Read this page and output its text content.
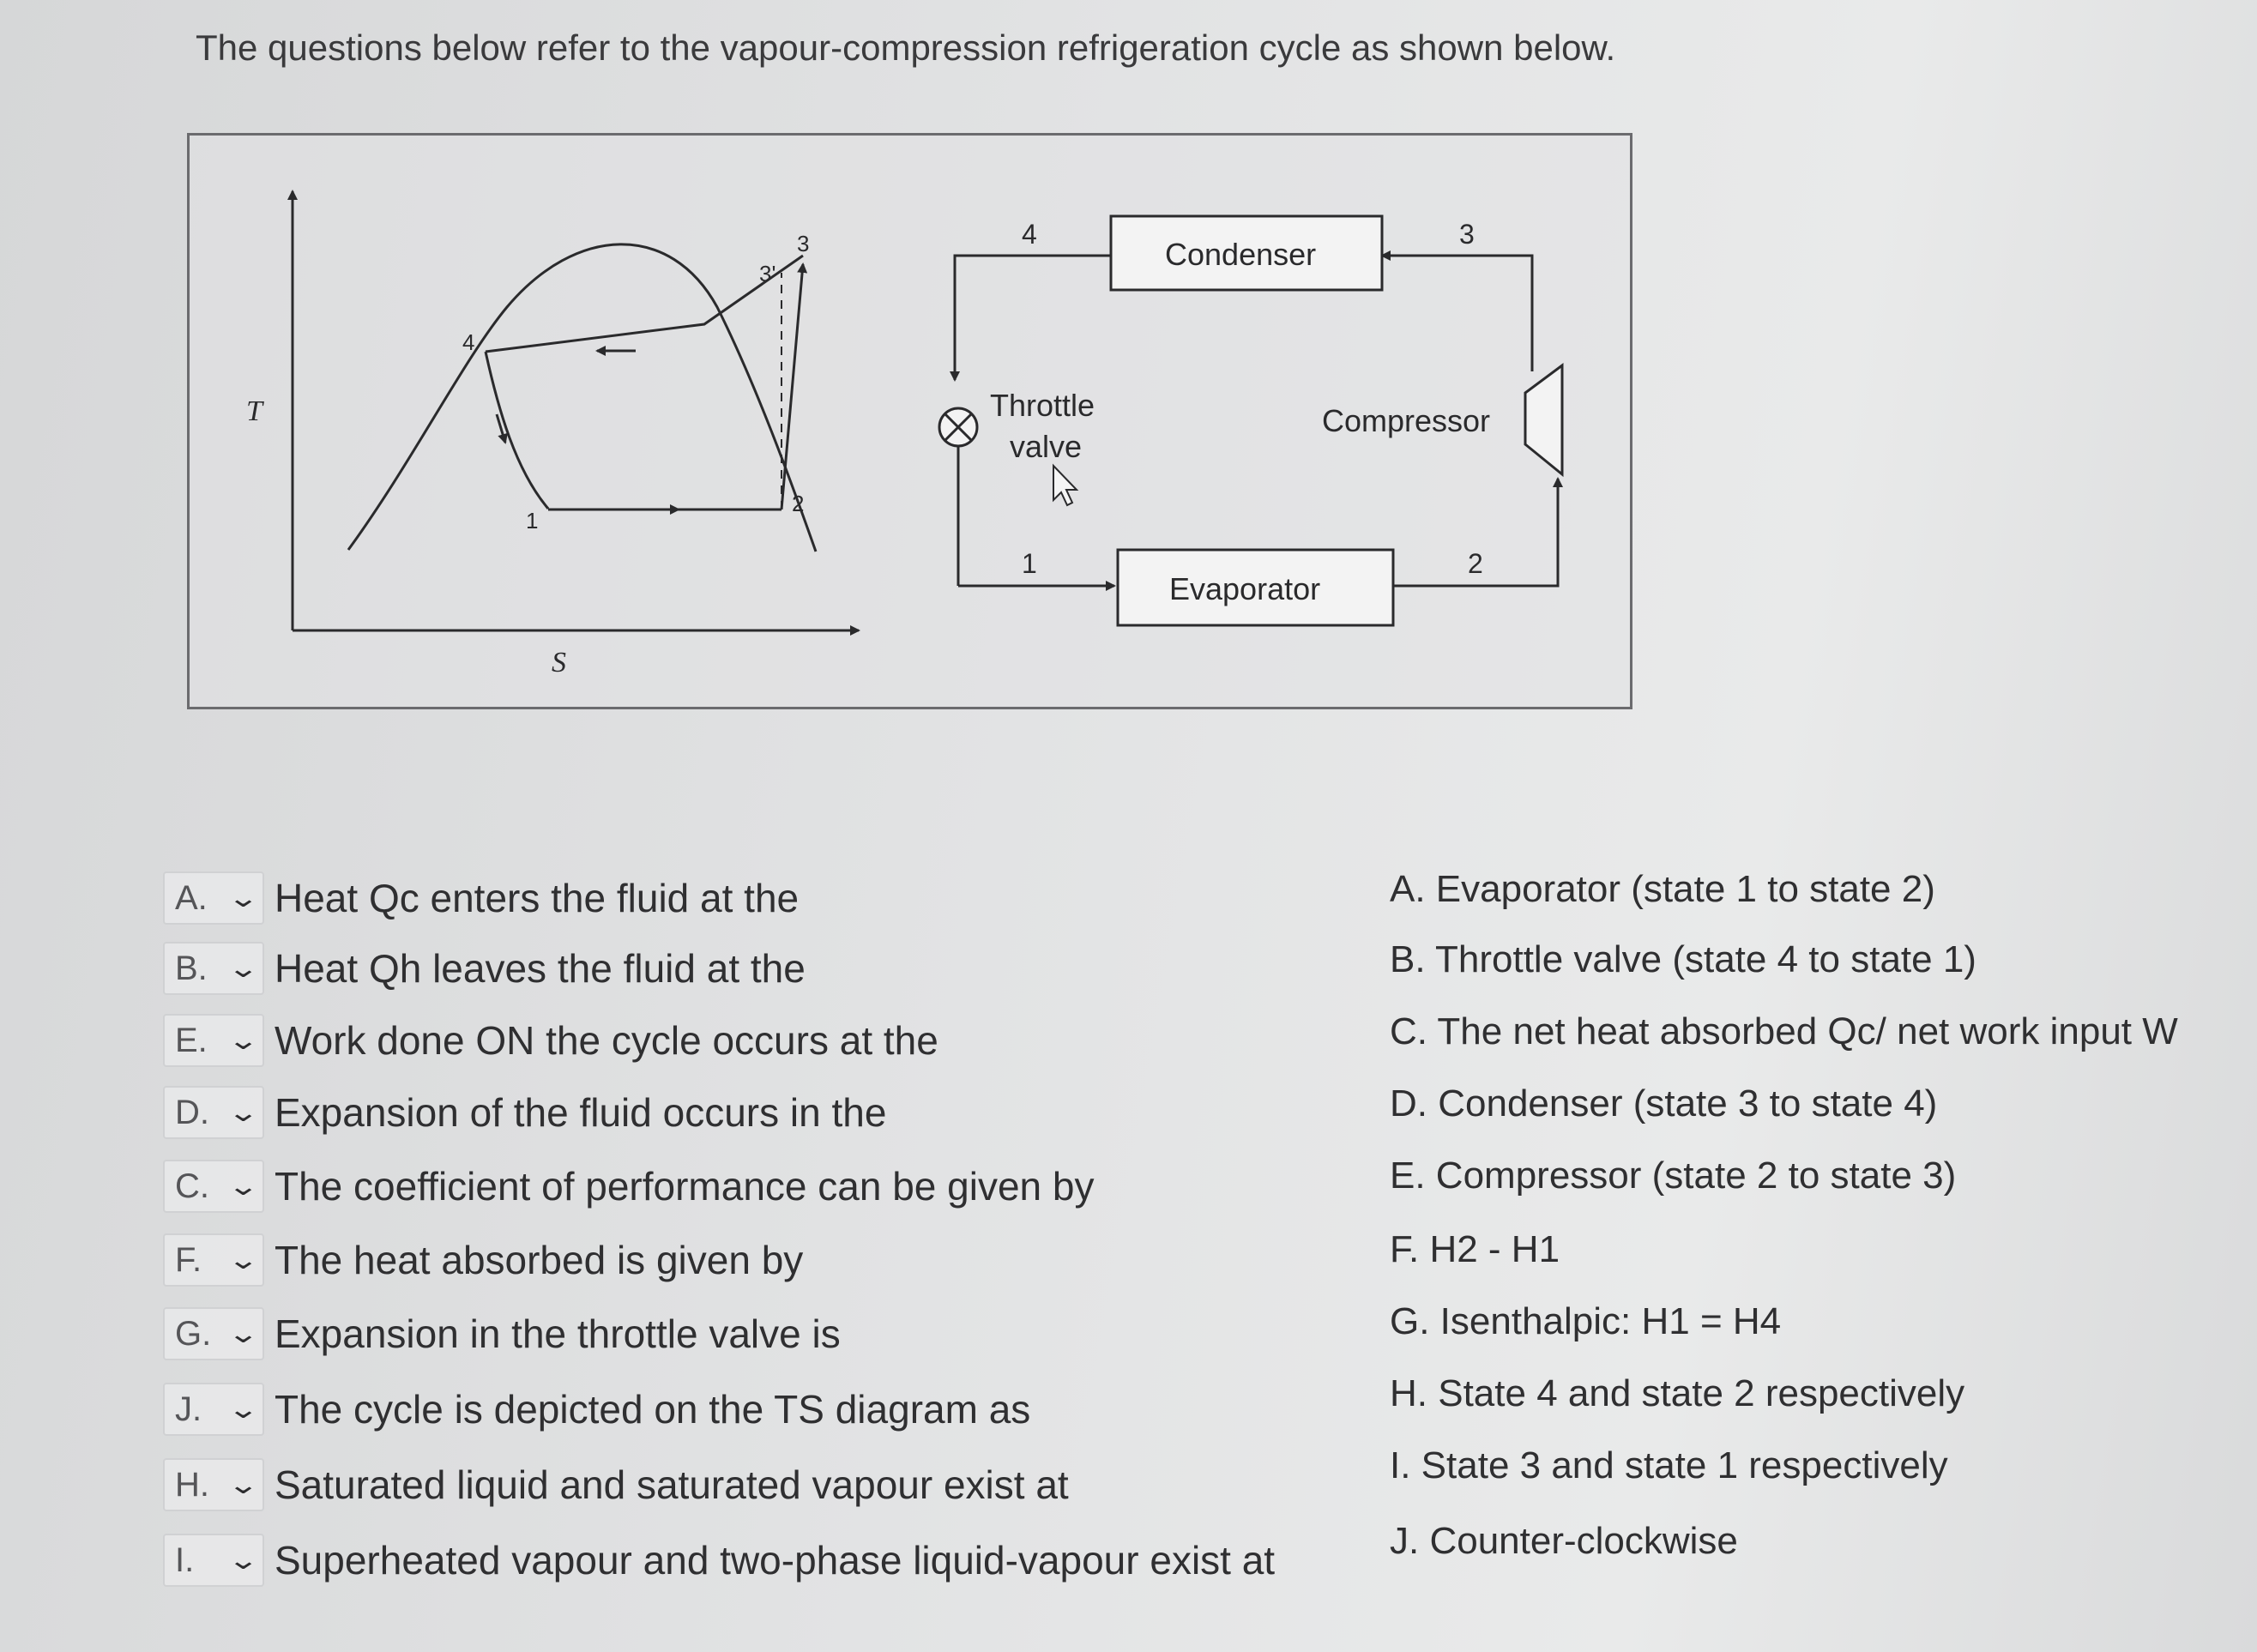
The questions below refer to the vapour-compression refrigeration cycle as shown below.
T
S
4
1
2
3
3'
Condenser
Evaporator
Compressor
Throttle
valve
4	3
1	2
A. ⌄ Heat Qc enters the fluid at the
B. ⌄ Heat Qh leaves the fluid at the
E. ⌄ Work done ON the cycle occurs at the
D. ⌄ Expansion of the fluid occurs in the
C. ⌄ The coefficient of performance can be given by
F. ⌄ The heat absorbed is given by
G. ⌄ Expansion in the throttle valve is
J. ⌄ The cycle is depicted on the TS diagram as
H. ⌄ Saturated liquid and saturated vapour exist at
I. ⌄ Superheated vapour and two-phase liquid-vapour exist at
A. Evaporator (state 1 to state 2)
B. Throttle valve (state 4 to state 1)
C. The net heat absorbed Qc/ net work input W
D. Condenser (state 3 to state 4)
E. Compressor (state 2 to state 3)
F. H2 - H1
G. Isenthalpic: H1 = H4
H. State 4 and state 2 respectively
I. State 3 and state 1 respectively
J. Counter-clockwise
